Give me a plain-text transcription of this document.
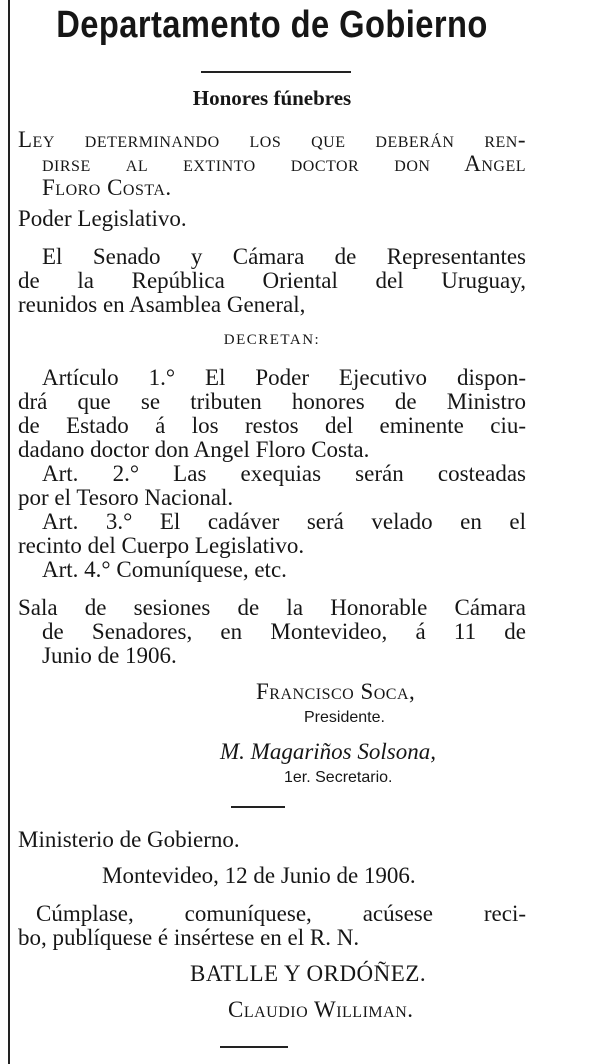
Departamento de Gobierno
Honores fúnebres
Ley determinando los que deberán ren-
dirse al extinto doctor don Angel
Floro Costa.
Poder Legislativo.
El Senado y Cámara de Representantes
de la República Oriental del Uruguay,
reunidos en Asamblea General,
DECRETAN:
Artículo 1.° El Poder Ejecutivo dispon-
drá que se tributen honores de Ministro
de Estado á los restos del eminente ciu-
dadano doctor don Angel Floro Costa.
Art. 2.° Las exequias serán costeadas
por el Tesoro Nacional.
Art. 3.° El cadáver será velado en el
recinto del Cuerpo Legislativo.
Art. 4.° Comuníquese, etc.
Sala de sesiones de la Honorable Cámara
de Senadores, en Montevideo, á 11 de
Junio de 1906.
Francisco Soca,
Presidente.
M. Magariños Solsona,
1er. Secretario.
Ministerio de Gobierno.
Montevideo, 12 de Junio de 1906.
Cúmplase, comuníquese, acúsese reci-
bo, publíquese é insértese en el R. N.
BATLLE Y ORDÓÑEZ.
Claudio Williman.
